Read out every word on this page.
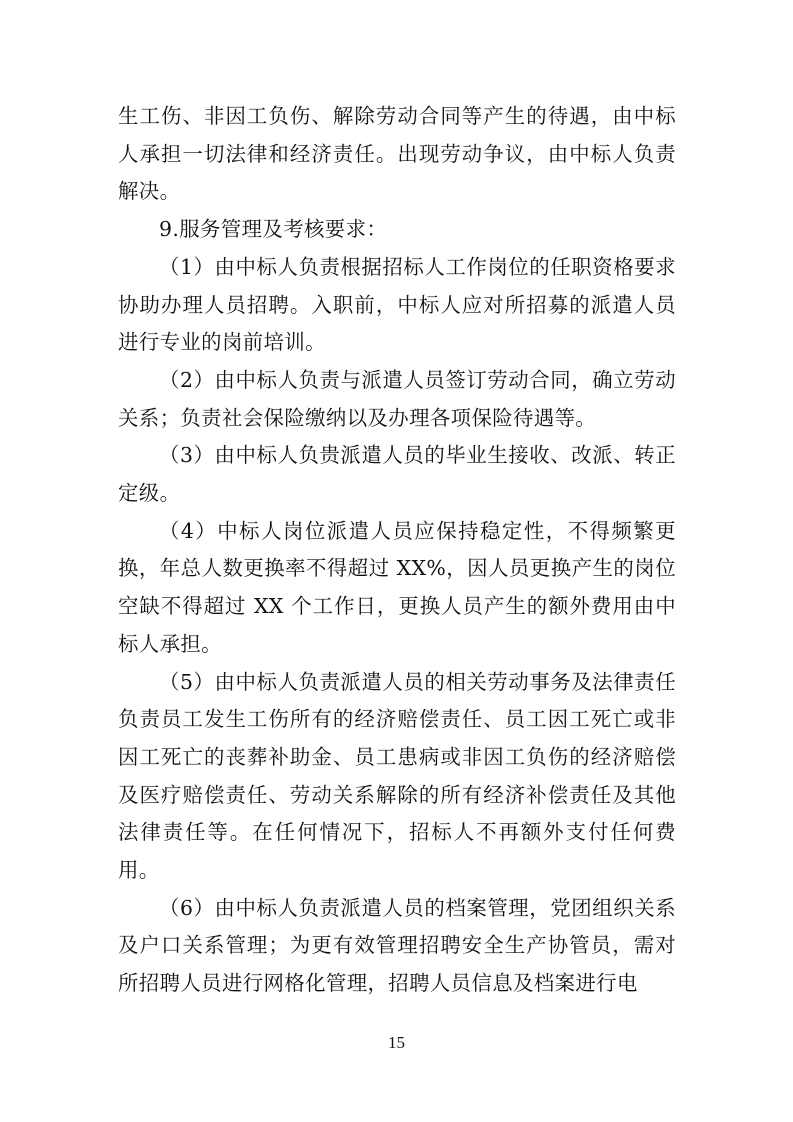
生工伤、非因工负伤、解除劳动合同等产生的待遇，由中标人承担一切法律和经济责任。出现劳动争议，由中标人负责解决。

9.服务管理及考核要求：

（1）由中标人负责根据招标人工作岗位的任职资格要求协助办理人员招聘。入职前，中标人应对所招募的派遣人员进行专业的岗前培训。

（2）由中标人负责与派遣人员签订劳动合同，确立劳动关系；负责社会保险缴纳以及办理各项保险待遇等。

（3）由中标人负贵派遣人员的毕业生接收、改派、转正定级。

（4）中标人岗位派遣人员应保持稳定性，不得频繁更换，年总人数更换率不得超过 XX%，因人员更换产生的岗位空缺不得超过 XX 个工作日，更换人员产生的额外费用由中标人承担。

（5）由中标人负责派遣人员的相关劳动事务及法律责任负责员工发生工伤所有的经济赔偿责任、员工因工死亡或非因工死亡的丧葬补助金、员工患病或非因工负伤的经济赔偿及医疗赔偿责任、劳动关系解除的所有经济补偿责任及其他法律责任等。在任何情况下，招标人不再额外支付任何费用。

（6）由中标人负责派遣人员的档案管理，党团组织关系及户口关系管理；为更有效管理招聘安全生产协管员，需对所招聘人员进行网格化管理，招聘人员信息及档案进行电

15
